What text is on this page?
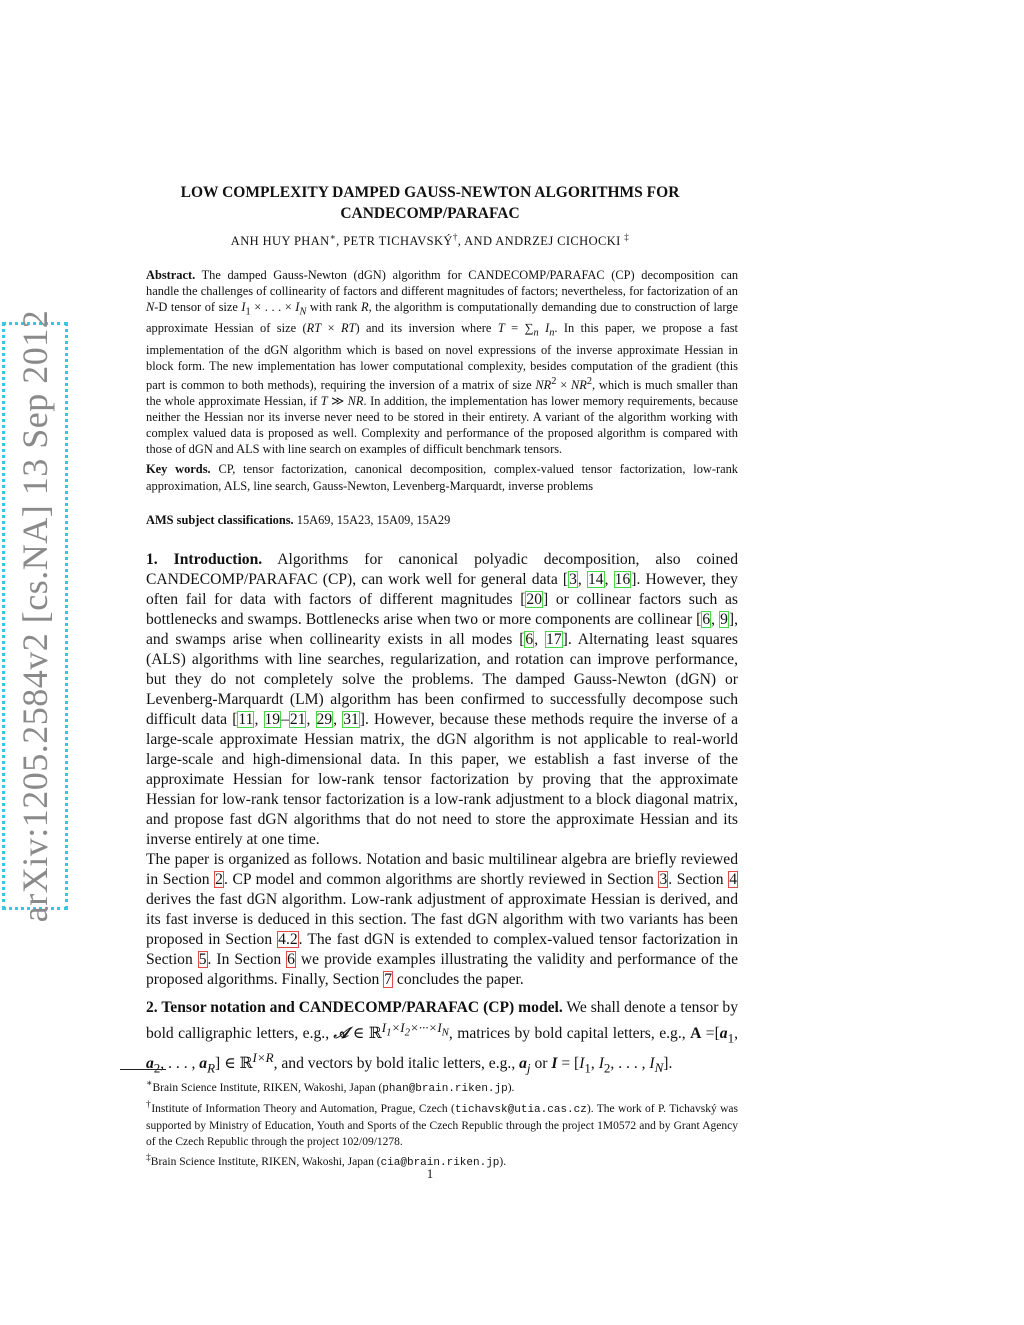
arXiv:1205.2584v2 [cs.NA] 13 Sep 2012
LOW COMPLEXITY DAMPED GAUSS-NEWTON ALGORITHMS FOR
CANDECOMP/PARAFAC
ANH HUY PHAN∗, PETR TICHAVSKÝ†, AND ANDRZEJ CICHOCKI ‡
Abstract. The damped Gauss-Newton (dGN) algorithm for CANDECOMP/PARAFAC (CP) decomposition can handle the challenges of collinearity of factors and different magnitudes of factors; nevertheless, for factorization of an N-D tensor of size $I_1$ × . . . × $I_N$ with rank R, the algorithm is computationally demanding due to construction of large approximate Hessian of size (RT × RT) and its inversion where $T = \sum_n$ $I_n$. In this paper, we propose a fast implementation of the dGN algorithm which is based on novel expressions of the inverse approximate Hessian in block form. The new implementation has lower computational complexity, besides computation of the gradient (this part is common to both methods), requiring the inversion of a matrix of size $NR^2 \times NR^2$, which is much smaller than the whole approximate Hessian, if T ≫ NR. In addition, the implementation has lower memory requirements, because neither the Hessian nor its inverse never need to be stored in their entirety. A variant of the algorithm working with complex valued data is proposed as well. Complexity and performance of the proposed algorithm is compared with those of dGN and ALS with line search on examples of difficult benchmark tensors.
Key words. CP, tensor factorization, canonical decomposition, complex-valued tensor factorization, low-rank approximation, ALS, line search, Gauss-Newton, Levenberg-Marquardt, inverse problems
AMS subject classifications. 15A69, 15A23, 15A09, 15A29

1. Introduction. Algorithms for canonical polyadic decomposition, also coined CANDECOMP/PARAFAC (CP), can work well for general data [3, 14, 16]. However, they often fail for data with factors of different magnitudes [20] or collinear factors such as bottlenecks and swamps. Bottlenecks arise when two or more components are collinear [6, 9], and swamps arise when collinearity exists in all modes [6, 17]. Alternating least squares (ALS) algorithms with line searches, regularization, and rotation can improve performance, but they do not completely solve the problems. The damped Gauss-Newton (dGN) or Levenberg-Marquardt (LM) algorithm has been confirmed to successfully decompose such difficult data [11, 19–21, 29, 31]. However, because these methods require the inverse of a large-scale approximate Hessian matrix, the dGN algorithm is not applicable to real-world large-scale and high-dimensional data. In this paper, we establish a fast inverse of the approximate Hessian for low-rank tensor factorization by proving that the approximate Hessian for low-rank tensor factorization is a low-rank adjustment to a block diagonal matrix, and propose fast dGN algorithms that do not need to store the approximate Hessian and its inverse entirely at one time.

The paper is organized as follows. Notation and basic multilinear algebra are briefly reviewed in Section 2. CP model and common algorithms are shortly reviewed in Section 3. Section 4 derives the fast dGN algorithm. Low-rank adjustment of approximate Hessian is derived, and its fast inverse is deduced in this section. The fast dGN algorithm with two variants has been proposed in Section 4.2. The fast dGN is extended to complex-valued tensor factorization in Section 5. In Section 6 we provide examples illustrating the validity and performance of the proposed algorithms. Finally, Section 7 concludes the paper.

2. Tensor notation and CANDECOMP/PARAFAC (CP) model. We shall denote a tensor by bold calligraphic letters, e.g., 𝒜 ∈ ℝ$^{I_1\times I_2\times\cdot\cdot\cdot\times I_N}$, matrices by bold capital letters, e.g., $A =[a_1$, $a_2$, . . . , $a_R$] ∈ ℝ$^{I\times R}$, and vectors by bold italic letters, e.g., $a_j$ or $I = [I_1$, $I_2$, . . . , $I_N$].

∗Brain Science Institute, RIKEN, Wakoshi, Japan (phan@brain.riken.jp).

†Institute of Information Theory and Automation, Prague, Czech (tichavsk@utia.cas.cz). The work of P. Tichavský was supported by Ministry of Education, Youth and Sports of the Czech Republic through the project 1M0572 and by Grant Agency of the Czech Republic through the project 102/09/1278.

‡Brain Science Institute, RIKEN, Wakoshi, Japan (cia@brain.riken.jp).

1
